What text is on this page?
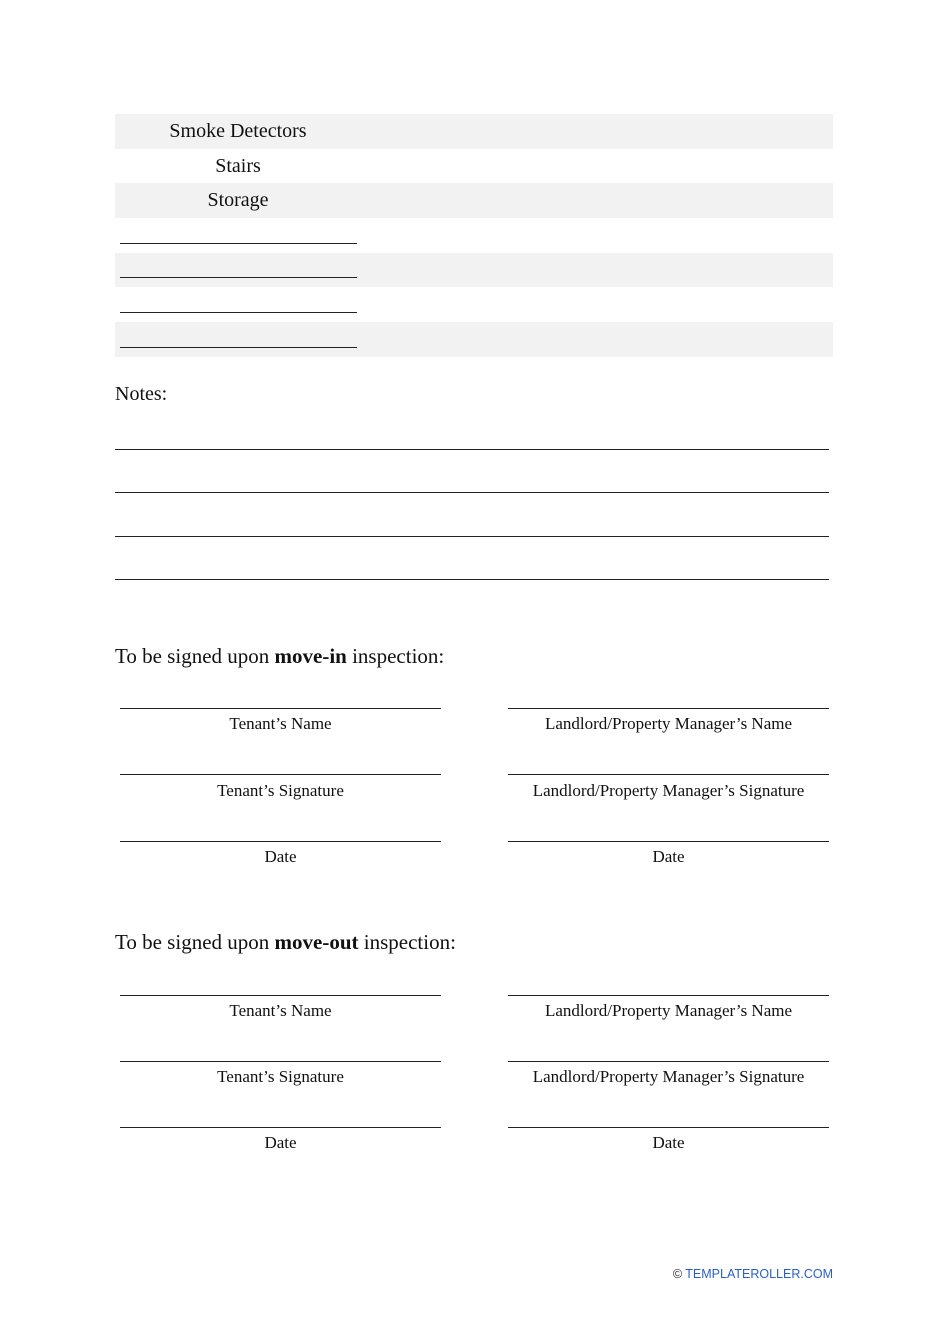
Smoke Detectors
Stairs
Storage
Notes:
To be signed upon move-in inspection:
Tenant’s Name	Landlord/Property Manager’s Name
Tenant’s Signature	Landlord/Property Manager’s Signature
Date	Date
To be signed upon move-out inspection:
Tenant’s Name	Landlord/Property Manager’s Name
Tenant’s Signature	Landlord/Property Manager’s Signature
Date	Date
© TEMPLATEROLLER.COM
